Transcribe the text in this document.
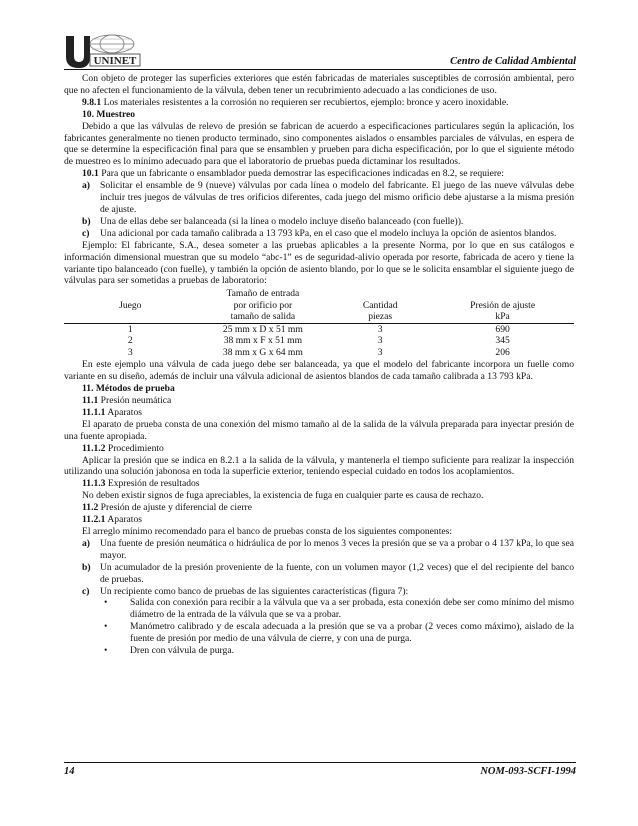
UNINET	Centro de Calidad Ambiental

Con objeto de proteger las superficies exteriores que estén fabricadas de materiales susceptibles de corrosión ambiental, pero que no afecten el funcionamiento de la válvula, deben tener un recubrimiento adecuado a las condiciones de uso.

9.8.1 Los materiales resistentes a la corrosión no requieren ser recubiertos, ejemplo: bronce y acero inoxidable.

10. Muestreo

Debido a que las válvulas de relevo de presión se fabrican de acuerdo a especificaciones particulares según la aplicación, los fabricantes generalmente no tienen producto terminado, sino componentes aislados o ensambles parciales de válvulas, en espera de que se determine la especificación final para que se ensamblen y prueben para dicha especificación, por lo que el siguiente método de muestreo es lo mínimo adecuado para que el laboratorio de pruebas pueda dictaminar los resultados.

10.1 Para que un fabricante o ensamblador pueda demostrar las especificaciones indicadas en 8.2, se requiere:

a)	Solicitar el ensamble de 9 (nueve) válvulas por cada línea o modelo del fabricante. El juego de las nueve válvulas debe incluir tres juegos de válvulas de tres orificios diferentes, cada juego del mismo orificio debe ajustarse a la misma presión de ajuste.
b) Una de ellas debe ser balanceada (si la línea o modelo incluye diseño balanceado (con fuelle)).
c)	Una adicional por cada tamaño calibrada a 13 793 kPa, en el caso que el modelo incluya la opción de asientos blandos.

Ejemplo: El fabricante, S.A., desea someter a las pruebas aplicables a la presente Norma, por lo que en sus catálogos e información dimensional muestran que su modelo “abc-1” es de seguridad-alivio operada por resorte, fabricada de acero y tiene la variante tipo balanceado (con fuelle), y también la opción de asiento blando, por lo que se le solicita ensamblar el siguiente juego de válvulas para ser sometidas a pruebas de laboratorio:

	Tamaño de entrada		
Juego	por orificio por	Cantidad	Presión de ajuste
	tamaño de salida	piezas	kPa
1	25 mm x D x 51 mm	3	690
2	38 mm x F x 51 mm	3	345
3	38 mm x G x 64 mm	3	206

En este ejemplo una válvula de cada juego debe ser balanceada, ya que el modelo del fabricante incorpora un fuelle como variante en su diseño, además de incluir una válvula adicional de asientos blandos de cada tamaño calibrada a 13 793 kPa.

11. Métodos de prueba

11.1 Presión neumática

11.1.1 Aparatos

El aparato de prueba consta de una conexión del mismo tamaño al de la salida de la válvula preparada para inyectar presión de una fuente apropiada.

11.1.2 Procedimiento

Aplicar la presión que se indica en 8.2.1 a la salida de la válvula, y mantenerla el tiempo suficiente para realizar la inspección utilizando una solución jabonosa en toda la superficie exterior, teniendo especial cuidado en todos los acoplamientos.

11.1.3 Expresión de resultados

No deben existir signos de fuga apreciables, la existencia de fuga en cualquier parte es causa de rechazo.

11.2 Presión de ajuste y diferencial de cierre

11.2.1 Aparatos

El arreglo mínimo recomendado para el banco de pruebas consta de los siguientes componentes:

a)	Una fuente de presión neumática o hidráulica de por lo menos 3 veces la presión que se va a probar o 4 137 kPa, lo que sea mayor.
b) Un acumulador de la presión proveniente de la fuente, con un volumen mayor (1,2 veces) que el del recipiente del banco de pruebas.
c)	Un recipiente como banco de pruebas de las siguientes características (figura 7):
•	Salida con conexión para recibir a la válvula que va a ser probada, esta conexión debe ser como mínimo del mismo diámetro de la entrada de la válvula que se va a probar.
•	Manómetro calibrado y de escala adecuada a la presión que se va a probar (2 veces como máximo), aislado de la fuente de presión por medio de una válvula de cierre, y con una de purga.
•	Dren con válvula de purga.
14	NOM-093-SCFI-1994
